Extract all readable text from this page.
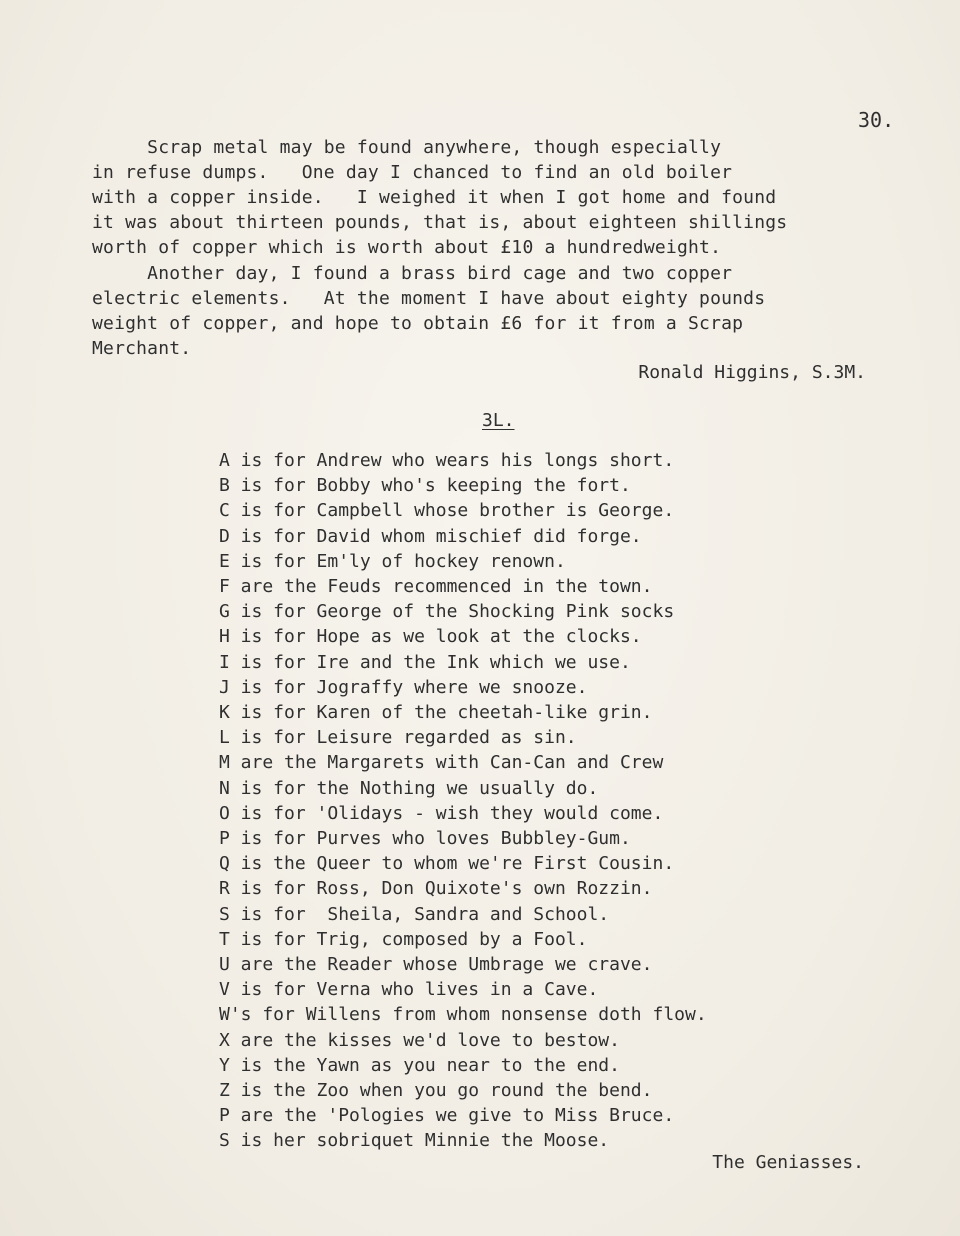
30.
Scrap metal may be found anywhere, though especially
in refuse dumps.   One day I chanced to find an old boiler
with a copper inside.   I weighed it when I got home and found
it was about thirteen pounds, that is, about eighteen shillings
worth of copper which is worth about £10 a hundredweight.
Another day, I found a brass bird cage and two copper
electric elements.   At the moment I have about eighty pounds
weight of copper, and hope to obtain £6 for it from a Scrap
Merchant.
Ronald Higgins, S.3M.
3L.
A is for Andrew who wears his longs short.
B is for Bobby who's keeping the fort.
C is for Campbell whose brother is George.
D is for David whom mischief did forge.
E is for Em'ly of hockey renown.
F are the Feuds recommenced in the town.
G is for George of the Shocking Pink socks
H is for Hope as we look at the clocks.
I is for Ire and the Ink which we use.
J is for Jograffy where we snooze.
K is for Karen of the cheetah-like grin.
L is for Leisure regarded as sin.
M are the Margarets with Can-Can and Crew
N is for the Nothing we usually do.
O is for 'Olidays - wish they would come.
P is for Purves who loves Bubbley-Gum.
Q is the Queer to whom we're First Cousin.
R is for Ross, Don Quixote's own Rozzin.
S is for  Sheila, Sandra and School.
T is for Trig, composed by a Fool.
U are the Reader whose Umbrage we crave.
V is for Verna who lives in a Cave.
W's for Willens from whom nonsense doth flow.
X are the kisses we'd love to bestow.
Y is the Yawn as you near to the end.
Z is the Zoo when you go round the bend.
P are the 'Pologies we give to Miss Bruce.
S is her sobriquet Minnie the Moose.
The Geniasses.
